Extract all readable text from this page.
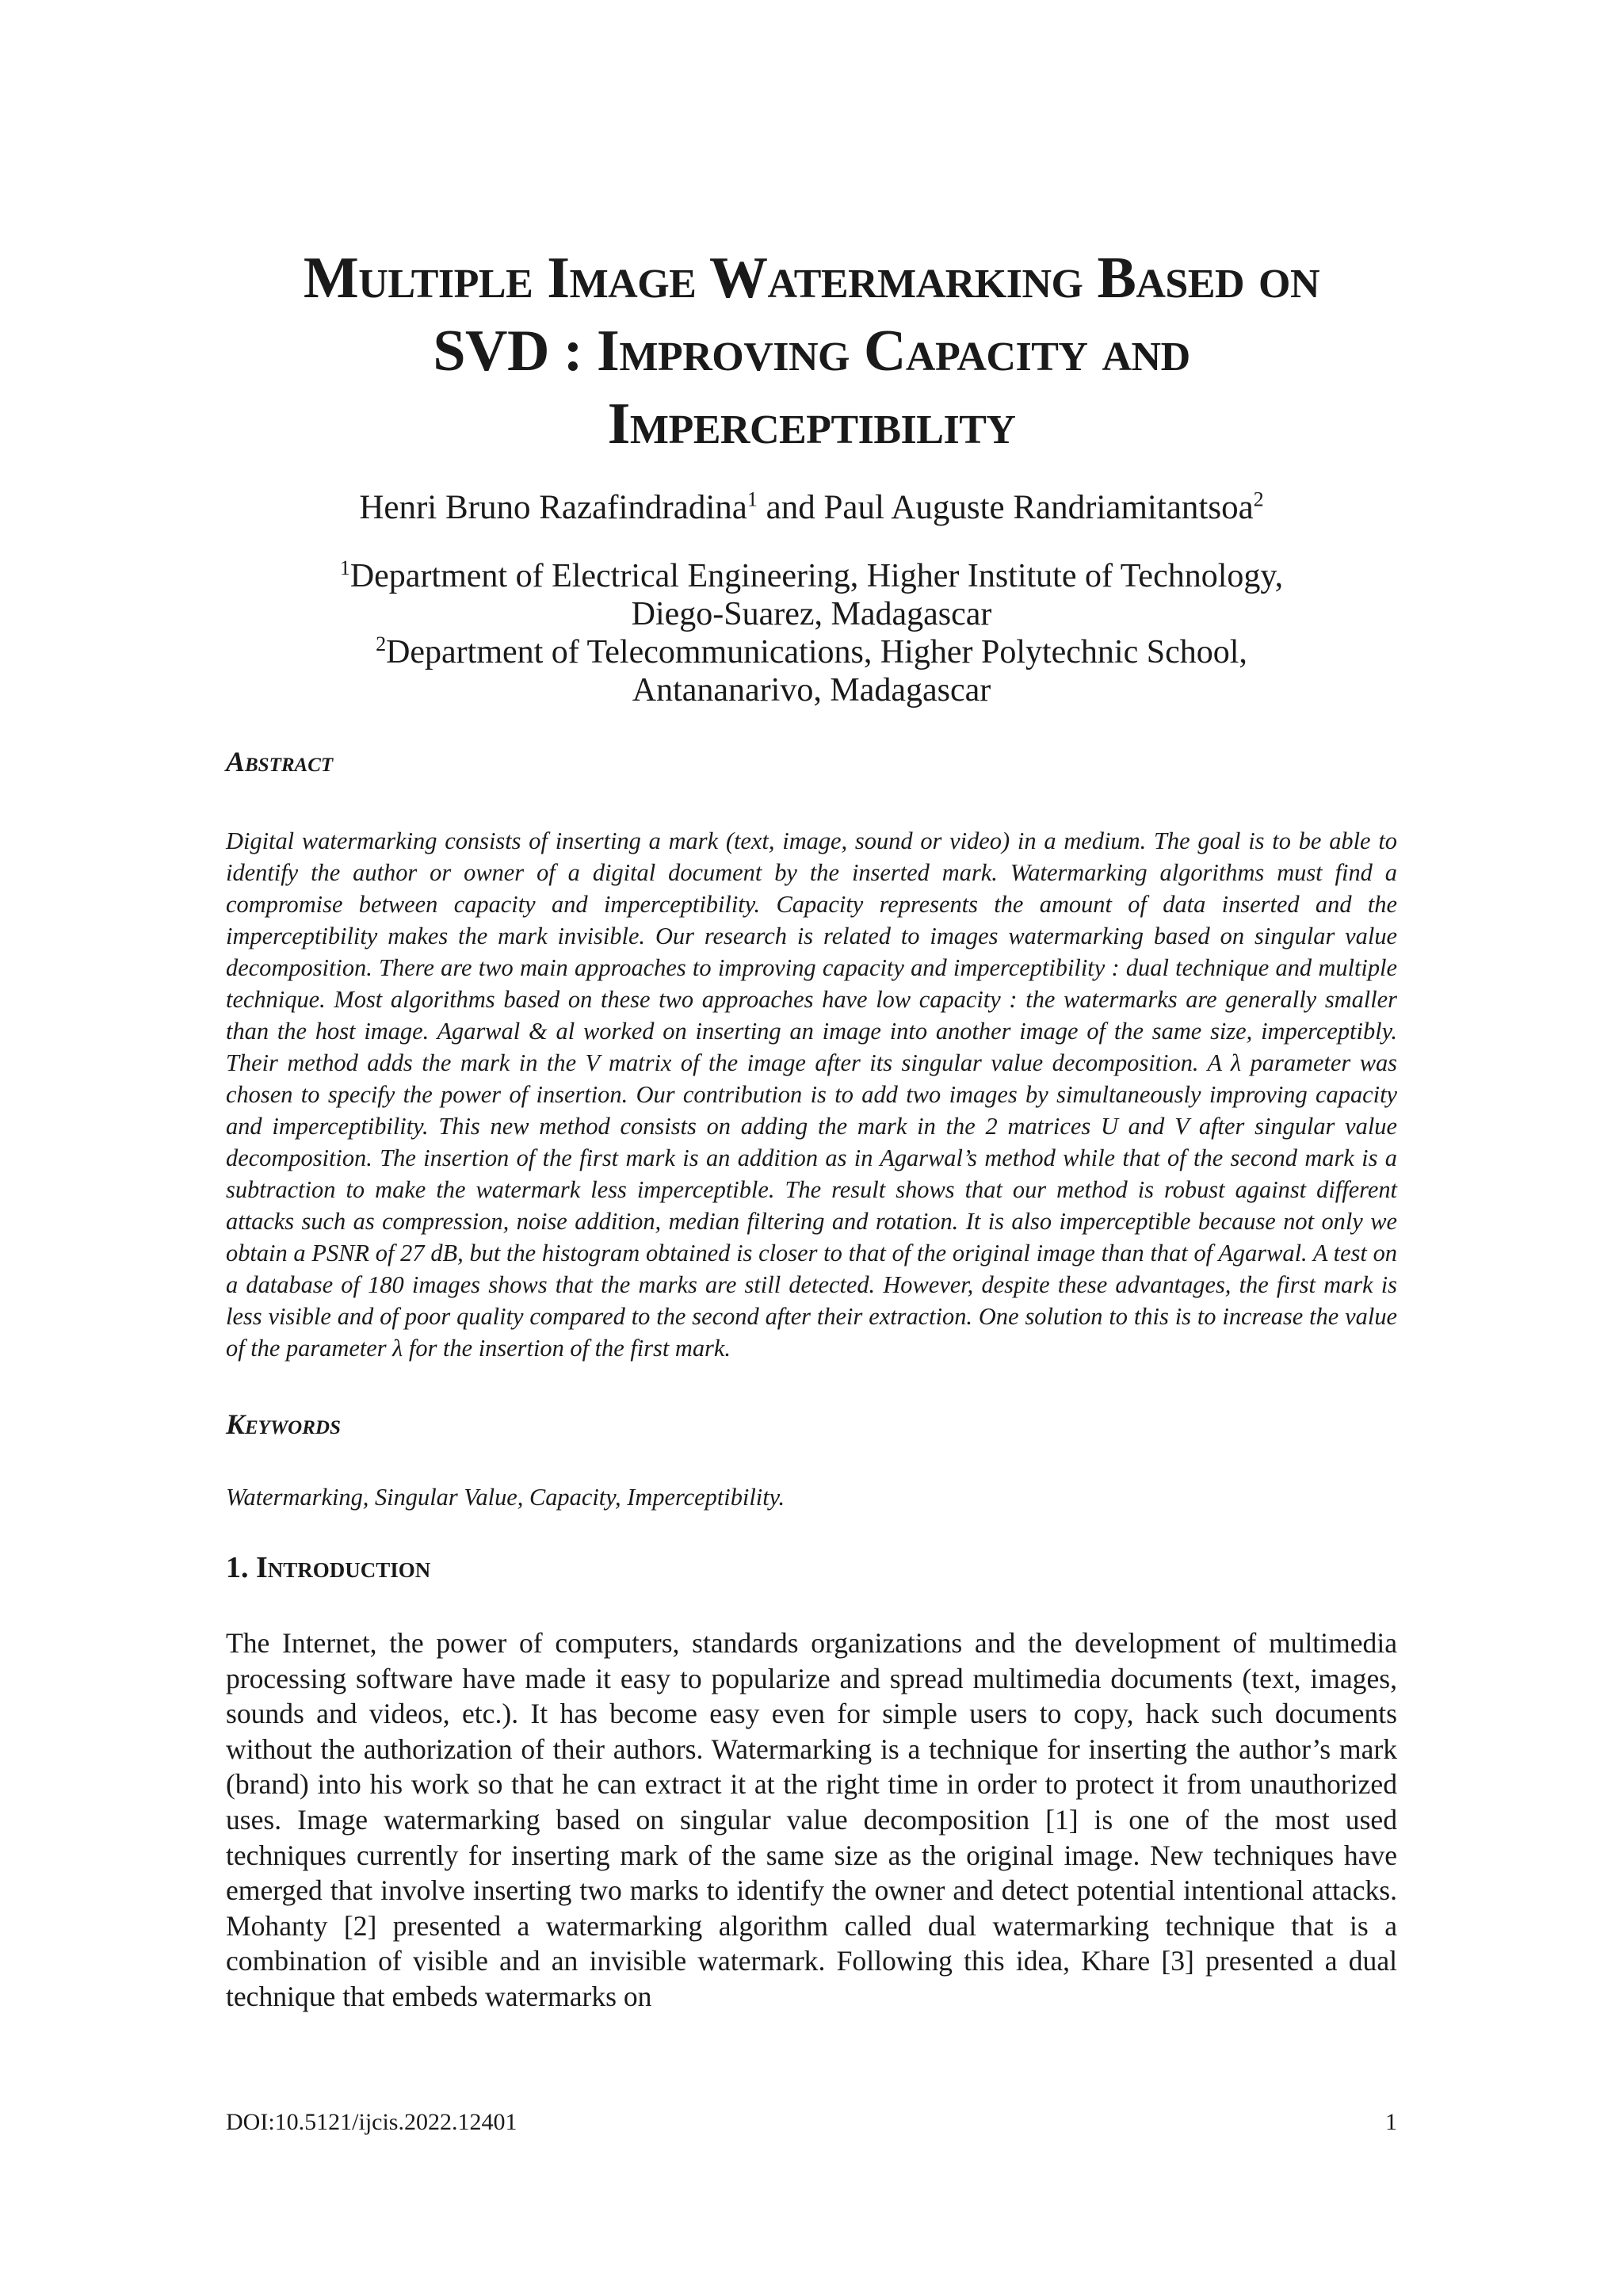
Multiple Image Watermarking Based on
SVD : Improving Capacity and
Imperceptibility
Henri Bruno Razafindradina$^1$ and Paul Auguste Randriamitantsoa$^2$
$^1$Department of Electrical Engineering, Higher Institute of Technology,
Diego-Suarez, Madagascar
$^2$Department of Telecommunications, Higher Polytechnic School,
Antananarivo, Madagascar
Abstract

Digital watermarking consists of inserting a mark (text, image, sound or video) in a medium. The goal is to be able to identify the author or owner of a digital document by the inserted mark. Watermarking algorithms must find a compromise between capacity and imperceptibility. Capacity represents the amount of data inserted and the imperceptibility makes the mark invisible. Our research is related to images watermarking based on singular value decomposition. There are two main approaches to improving capacity and imperceptibility : dual technique and multiple technique. Most algorithms based on these two approaches have low capacity : the watermarks are generally smaller than the host image. Agarwal & al worked on inserting an image into another image of the same size, imperceptibly. Their method adds the mark in the V matrix of the image after its singular value decomposition. A λ parameter was chosen to specify the power of insertion. Our contribution is to add two images by simultaneously improving capacity and imperceptibility. This new method consists on adding the mark in the 2 matrices U and V after singular value decomposition. The insertion of the first mark is an addition as in Agarwal’s method while that of the second mark is a subtraction to make the watermark less imperceptible. The result shows that our method is robust against different attacks such as compression, noise addition, median filtering and rotation. It is also imperceptible because not only we obtain a PSNR of 27 dB, but the histogram obtained is closer to that of the original image than that of Agarwal. A test on a database of 180 images shows that the marks are still detected. However, despite these advantages, the first mark is less visible and of poor quality compared to the second after their extraction. One solution to this is to increase the value of the parameter λ for the insertion of the first mark.

Keywords

Watermarking, Singular Value, Capacity, Imperceptibility.

1. Introduction

The Internet, the power of computers, standards organizations and the development of multimedia processing software have made it easy to popularize and spread multimedia documents (text, images, sounds and videos, etc.). It has become easy even for simple users to copy, hack such documents without the authorization of their authors. Watermarking is a technique for inserting the author’s mark (brand) into his work so that he can extract it at the right time in order to protect it from unauthorized uses. Image watermarking based on singular value decomposition [1] is one of the most used techniques currently for inserting mark of the same size as the original image. New techniques have emerged that involve inserting two marks to identify the owner and detect potential intentional attacks. Mohanty [2] presented a watermarking algorithm called dual watermarking technique that is a combination of visible and an invisible watermark. Following this idea, Khare [3] presented a dual technique that embeds watermarks on

DOI:10.5121/ijcis.2022.12401	1
